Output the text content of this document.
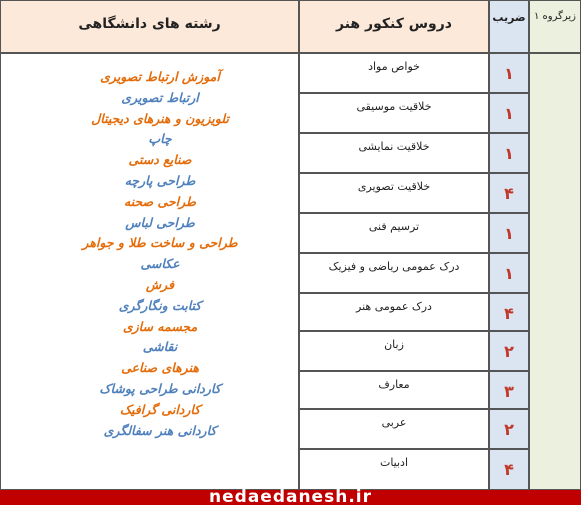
رشته های دانشگاهی	دروس کنکور هنر	ضریب زیرگروه ۱
خواص مواد	۱
خلاقیت موسیقی	۱
خلاقیت نمایشی	۱
خلاقیت تصویری	۴
ترسیم فنی	۱
درک عمومی ریاضی و فیزیک	۱
درک عمومی هنر	۴
زبان	۲
معارف	۳
عربی	۲
ادبیات	۴
آموزش ارتباط تصویری
ارتباط تصویری
تلویزیون و هنرهای دیجیتال
چاپ
صنایع دستی
طراحی پارچه
طراحی صحنه
طراحی لباس
طراحی و ساخت طلا و جواهر
عکاسی
فرش
کتابت ونگارگری
مجسمه سازی
نقاشی
هنرهای صناعی
کاردانی طراحی پوشاک
کاردانی گرافیک
کاردانی هنر سفالگری
nedaedanesh.ir
